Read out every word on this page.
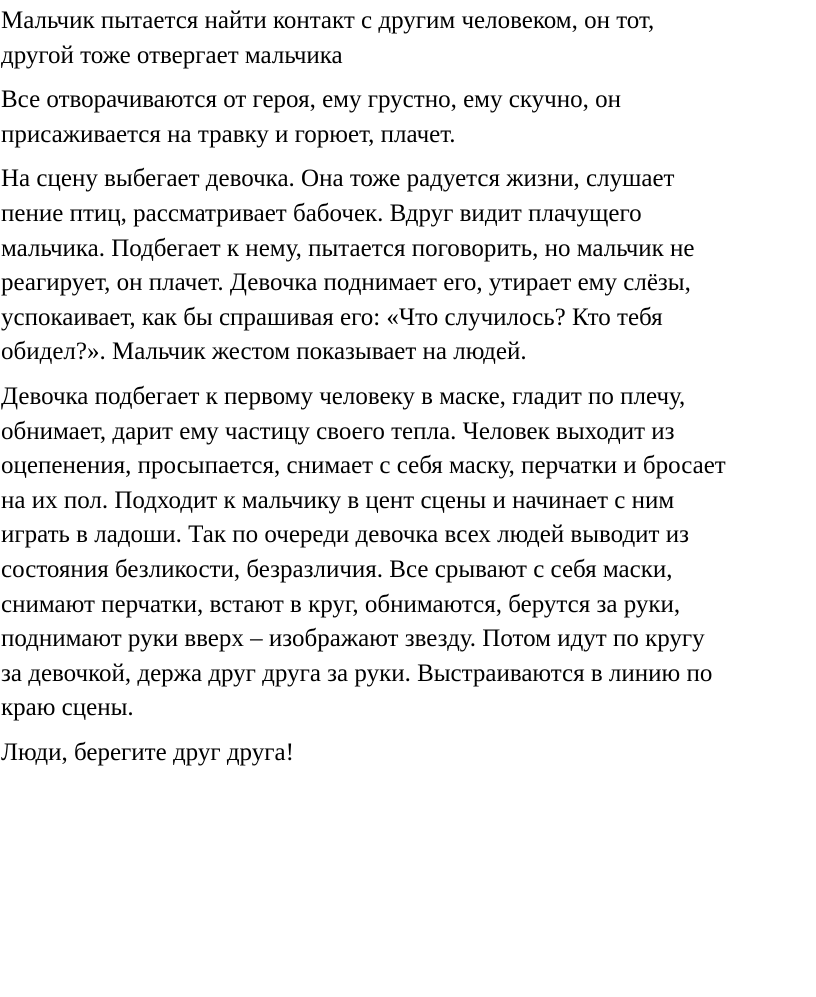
Мальчик пытается найти контакт с другим человеком, он тот,
другой тоже отвергает мальчика

Все отворачиваются от героя, ему грустно, ему скучно, он
присаживается на травку и горюет, плачет.

На сцену выбегает девочка. Она тоже радуется жизни, слушает
пение птиц, рассматривает бабочек. Вдруг видит плачущего
мальчика. Подбегает к нему, пытается поговорить, но мальчик не
реагирует, он плачет. Девочка поднимает его, утирает ему слёзы,
успокаивает, как бы спрашивая его: «Что случилось? Кто тебя
обидел?». Мальчик жестом показывает на людей.

Девочка подбегает к первому человеку в маске, гладит по плечу,
обнимает, дарит ему частицу своего тепла. Человек выходит из
оцепенения, просыпается, снимает с себя маску, перчатки и бросает
на их пол. Подходит к мальчику в цент сцены и начинает с ним
играть в ладоши. Так по очереди девочка всех людей выводит из
состояния безликости, безразличия. Все срывают с себя маски,
снимают перчатки, встают в круг, обнимаются, берутся за руки,
поднимают руки вверх – изображают звезду. Потом идут по кругу
за девочкой, держа друг друга за руки. Выстраиваются в линию по
краю сцены.

Люди, берегите друг друга!
